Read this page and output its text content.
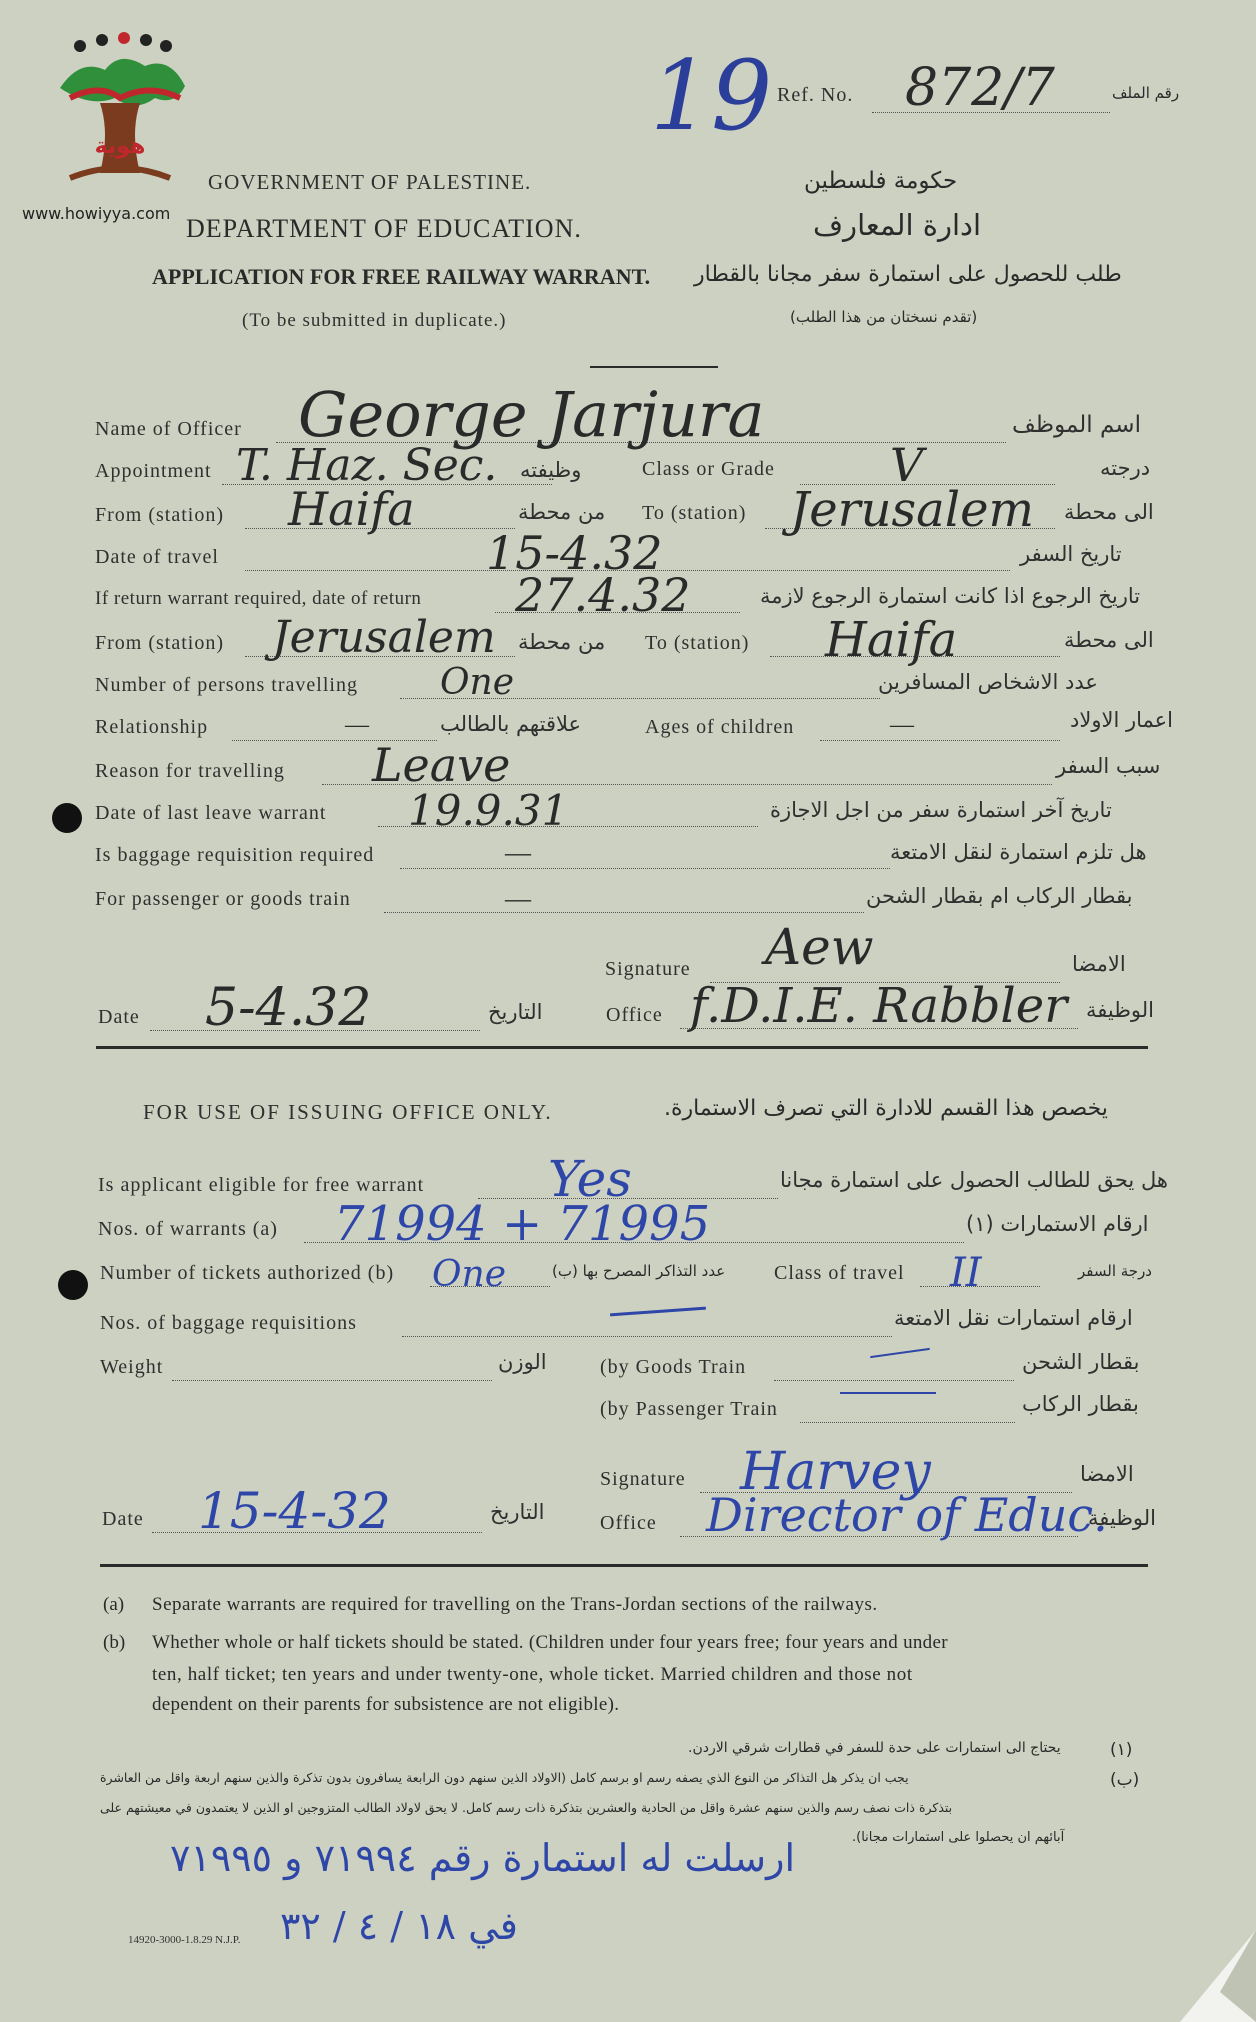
هوية
www.howiyya.com
19 Ref. No. 872/7	رقم الملف
GOVERNMENT OF PALESTINE.	حكومة فلسطين
DEPARTMENT OF EDUCATION.	ادارة المعارف
APPLICATION FOR FREE RAILWAY WARRANT. طلب للحصول على استمارة سفر مجانا بالقطار
(To be submitted in duplicate.)	(تقدم نسختان من هذا الطلب)
Name of Officer George Jarjura	اسم الموظف
Appointment T. Haz. Sec. وظيفته	Class or Grade	V	درجته
From (station) Haifa	من محطة To (station) Jerusalem الى محطة
Date of travel	15-4.32	تاريخ السفر
If return warrant required, date of return 27.4.32	تاريخ الرجوع اذا كانت استمارة الرجوع لازمة
From (station) Jerusalem من محطة To (station) Haifa	الى محطة
Number of persons travelling One	عدد الاشخاص المسافرين
Relationship	—	علاقتهم بالطالب	Ages of children	—	اعمار الاولاد
Reason for travelling Leave	سبب السفر
Date of last leave warrant 19.9.31	تاريخ آخر استمارة سفر من اجل الاجازة
Is baggage requisition required	—	هل تلزم استمارة لنقل الامتعة
For passenger or goods train	—	بقطار الركاب ام بقطار الشحن
Signature Aew	الامضا
Date 5-4.32	التاريخ	Office f.D.I.E. Rabbler الوظيفة
FOR USE OF ISSUING OFFICE ONLY.	يخصص هذا القسم للادارة التي تصرف الاستمارة.
Is applicant eligible for free warrant Yes	هل يحق للطالب الحصول على استمارة مجانا
Nos. of warrants (a) 71994 + 71995	ارقام الاستمارات (١)
Number of tickets authorized (b) One	عدد التذاكر المصرح بها (ب) Class of travel II	درجة السفر
Nos. of baggage requisitions	ارقام استمارات نقل الامتعة
Weight	الوزن	(by Goods Train	بقطار الشحن
(by Passenger Train	بقطار الركاب
Signature Harvey	الامضا
Date 15-4-32	التاريخ	Office Director of Educ.
الوظيفة
(a) Separate warrants are required for travelling on the Trans-Jordan sections of the railways.
(b) Whether whole or half tickets should be stated. (Children under four years free; four years and under
ten, half ticket; ten years and under twenty-one, whole ticket. Married children and those not
dependent on their parents for subsistence are not eligible).
(١)
يحتاج الى استمارات على حدة للسفر في قطارات شرقي الاردن.
(ب)
يجب ان يذكر هل التذاكر من النوع الذي يصفه رسم او برسم كامل (الاولاد الذين سنهم دون الرابعة يسافرون بدون تذكرة والذين سنهم اربعة واقل من العاشرة
بتذكرة ذات نصف رسم والذين سنهم عشرة واقل من الحادية والعشرين بتذكرة ذات رسم كامل. لا يحق لاولاد الطالب المتزوجين او الذين لا يعتمدون في معيشتهم على
آبائهم ان يحصلوا على استمارات مجانا).
ارسلت له استمارة رقم ٧١٩٩٤ و ٧١٩٩٥
في ١٨ / ٤ / ٣٢
14920-3000-1.8.29 N.J.P.
